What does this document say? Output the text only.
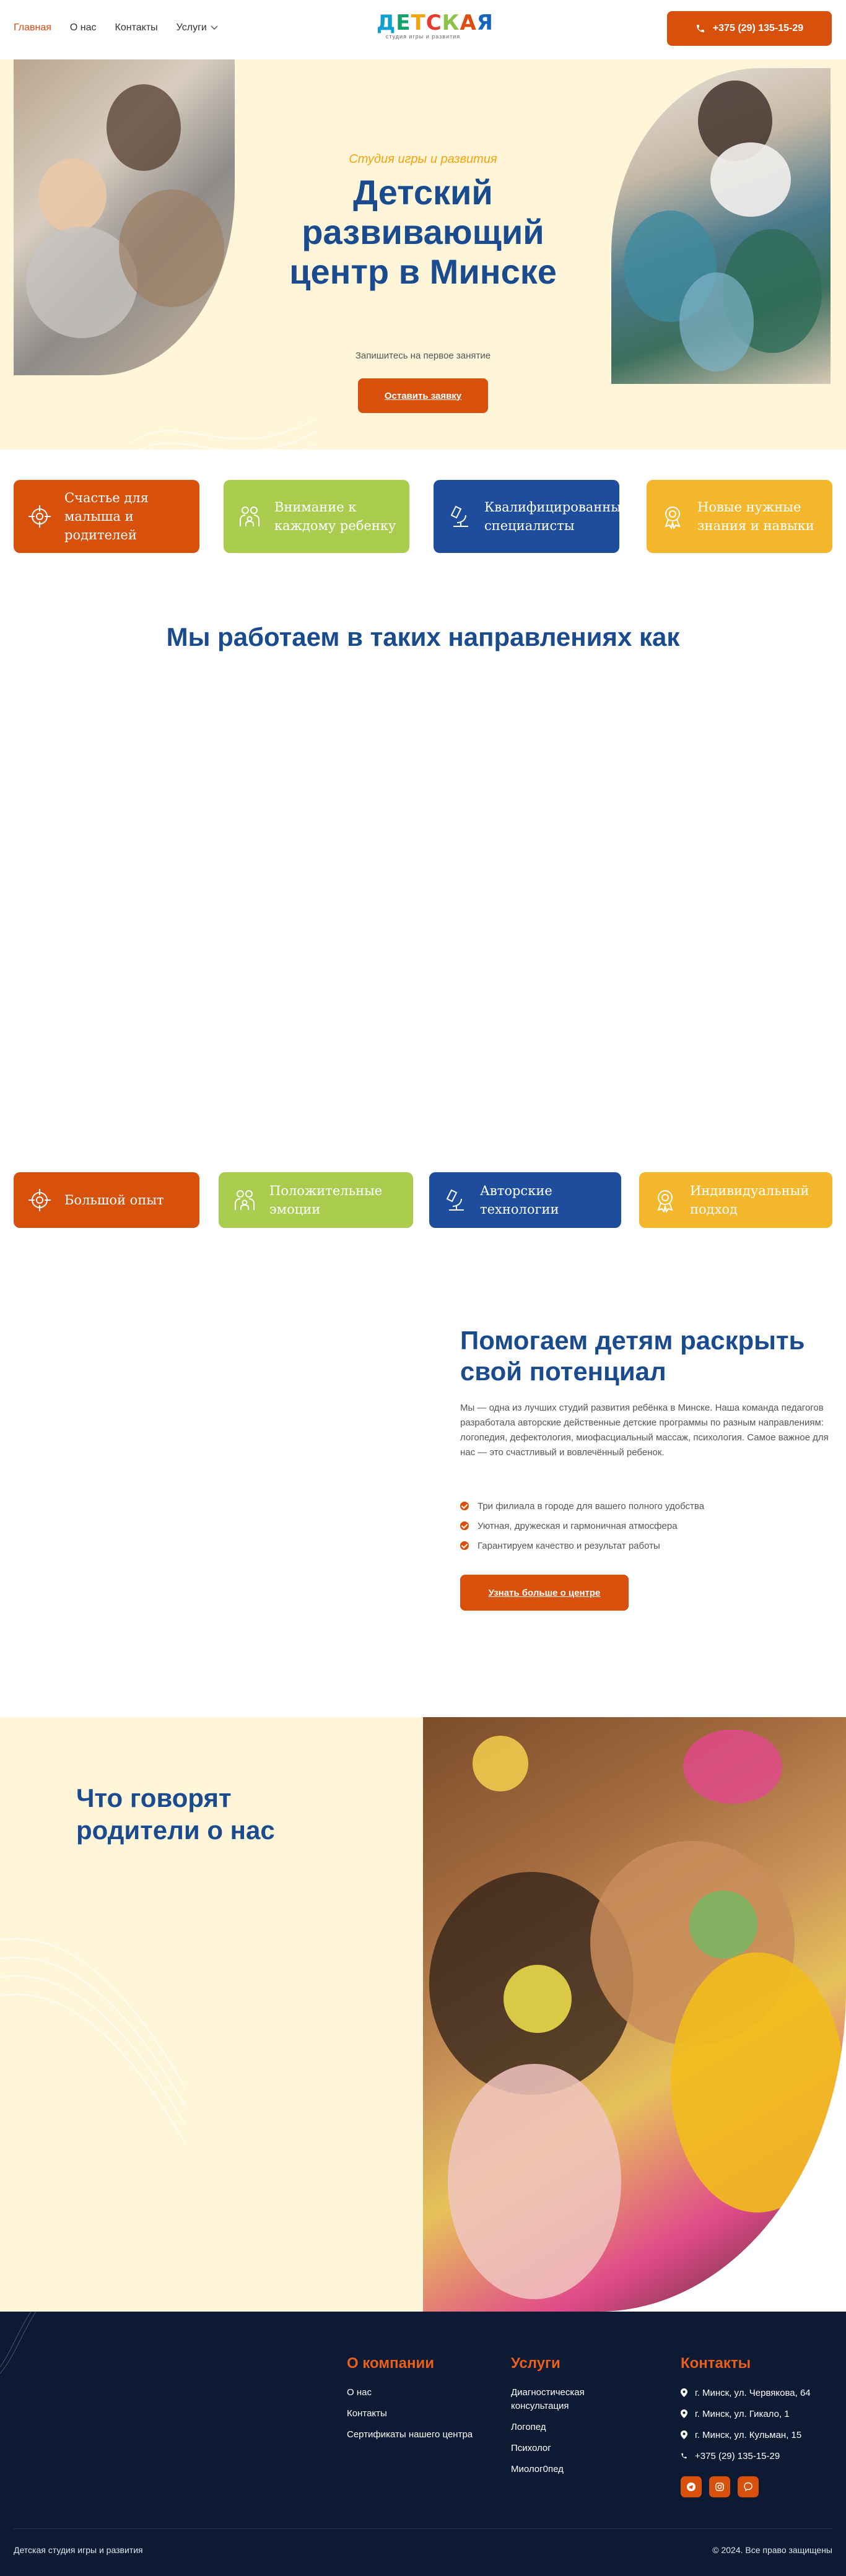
Главная О нас Контакты Услуги	ДЕТСКАЯ
студия игры и развития
+375 (29) 135-15-29
Студия игры и развития
Детский развивающий центр в Минске
Запишитесь на первое занятие
Оставить заявку
Счастье для малыша и родителей
Внимание к каждому ребенку
Квалифицированные специалисты
Новые нужные знания и навыки
Мы работаем в таких направлениях как
Большой опыт
Положительные эмоции
Авторские технологии
Индивидуальный подход
Помогаем детям раскрыть свой потенциал

Мы — одна из лучших студий развития ребёнка в Минске. Наша команда педагогов разработала авторские действенные детские программы по разным направлениям: логопедия, дефектология, миофасциальный массаж, психология. Самое важное для нас — это счастливый и вовлечённый ребенок.

Три филиала в городе для вашего полного удобства
Уютная, дружеская и гармоничная атмосфера
Гарантируем качество и результат работы
Узнать больше о центре
Что говорят родители о нас
О компании
О нас
Контакты
Сертификаты нашего центра
Услуги
Диагностическая консультация
Логопед
Психолог
Миолог0пед
Контакты
г. Минск, ул. Червякова, 64
г. Минск, ул. Гикало, 1
г. Минск, ул. Кульман, 15
+375 (29) 135-15-29
Детская студия игры и развития	© 2024. Все право защищены
